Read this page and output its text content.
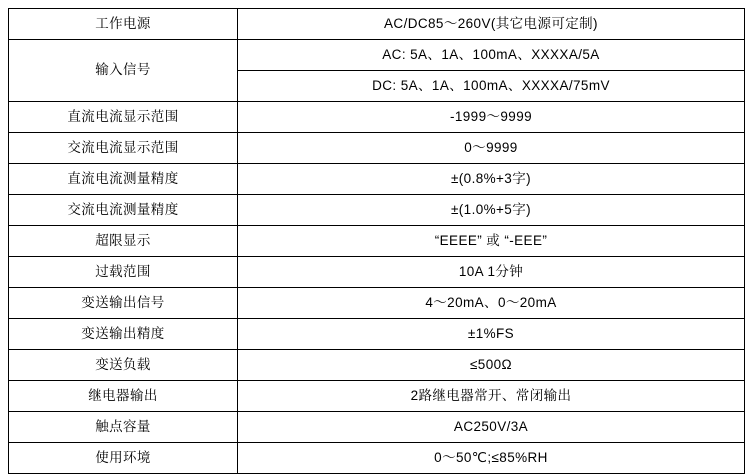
工作电源	AC/DC85～260V(其它电源可定制)
输入信号	AC: 5A、1A、100mA、XXXXA/5A
	DC: 5A、1A、100mA、XXXXA/75mV
直流电流显示范围	-1999～9999
交流电流显示范围	0～9999
直流电流测量精度	±(0.8%+3字)
交流电流测量精度	±(1.0%+5字)
超限显示	“EEEE” 或 “-EEE”
过载范围	10A 1分钟
变送输出信号	4～20mA、0～20mA
变送输出精度	±1%FS
变送负载	≤500Ω
继电器输出	2路继电器常开、常闭输出
触点容量	AC250V/3A
使用环境	0～50℃;≤85%RH
